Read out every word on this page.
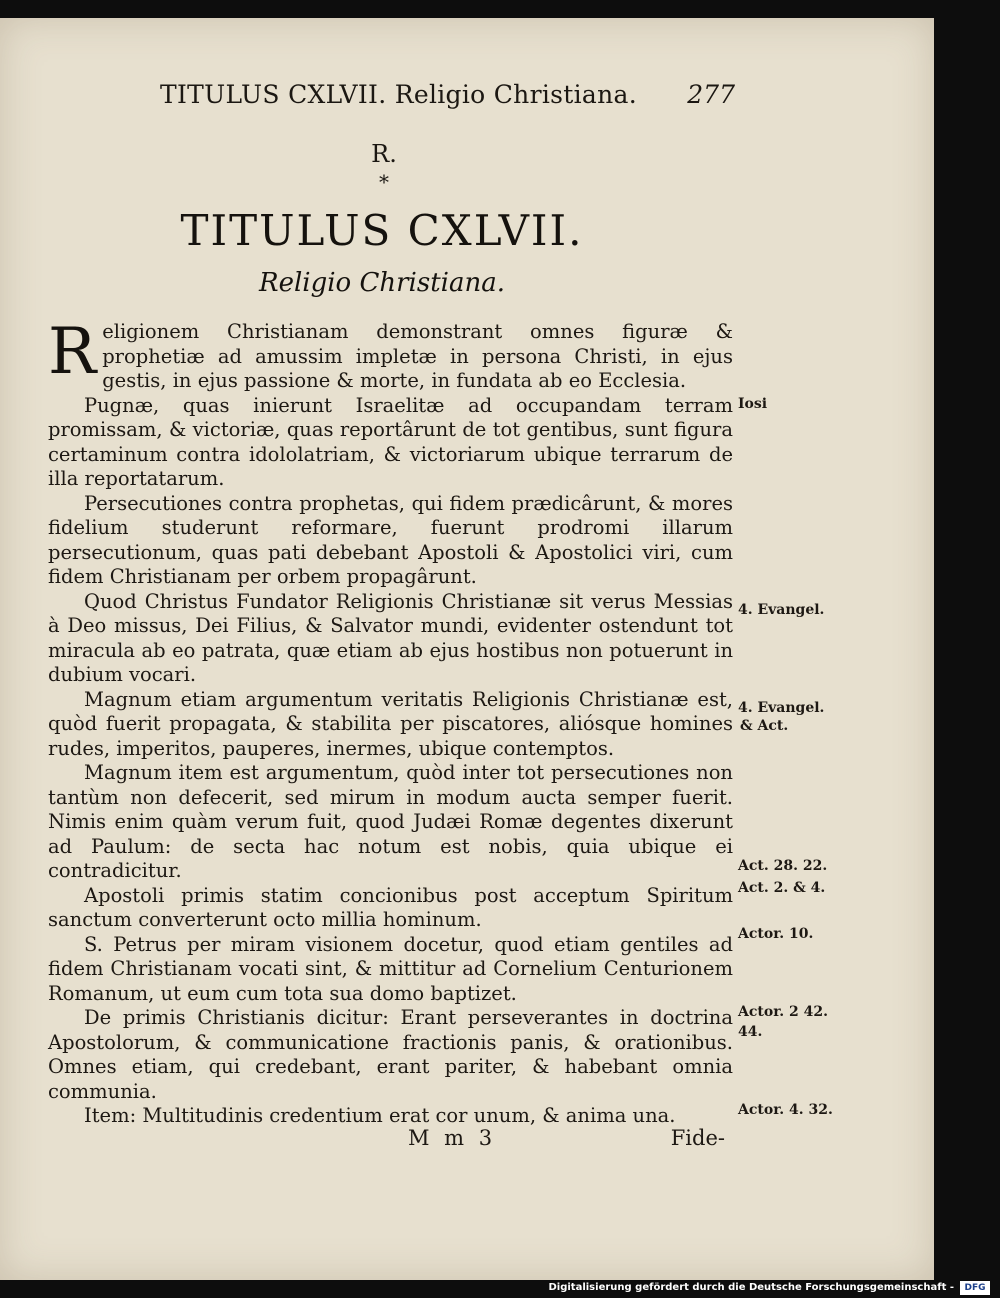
TITULUS CXLVII. Religio Christiana. 277
R.
*
TITULUS CXLVII.
Religio Christiana.

Religionem Christianam demonstrant omnes figuræ & prophetiæ ad amussim impletæ in persona Christi, in ejus gestis, in ejus passione & morte, in fundata ab eo Ecclesia.

Pugnæ, quas inierunt Israelitæ ad occupandam terram promissam, & victoriæ, quas reportârunt de tot gentibus, sunt figura certaminum contra idololatriam, & victoriarum ubique terrarum de illa reportatarum.

Persecutiones contra prophetas, qui fidem prædicârunt, & mores fidelium studerunt reformare, fuerunt prodromi illarum persecutionum, quas pati debebant Apostoli & Apostolici viri, cum fidem Christianam per orbem propagârunt.

Quod Christus Fundator Religionis Christianæ sit verus Messias à Deo missus, Dei Filius, & Salvator mundi, evidenter ostendunt tot miracula ab eo patrata, quæ etiam ab ejus hostibus non potuerunt in dubium vocari.

Magnum etiam argumentum veritatis Religionis Christianæ est, quòd fuerit propagata, & stabilita per piscatores, aliósque homines rudes, imperitos, pauperes, inermes, ubique contemptos.

Magnum item est argumentum, quòd inter tot persecutiones non tantùm non defecerit, sed mirum in modum aucta semper fuerit. Nimis enim quàm verum fuit, quod Judæi Romæ degentes dixerunt ad Paulum: de secta hac notum est nobis, quia ubique ei contradicitur.

Apostoli primis statim concionibus post acceptum Spiritum sanctum converterunt octo millia hominum.

S. Petrus per miram visionem docetur, quod etiam gentiles ad fidem Christianam vocati sint, & mittitur ad Cornelium Centurionem Romanum, ut eum cum tota sua domo baptizet.

De primis Christianis dicitur: Erant perseverantes in doctrina Apostolorum, & communicatione fractionis panis, & orationibus. Omnes etiam, qui credebant, erant pariter, & habebant omnia communia.

Item: Multitudinis credentium erat cor unum, & anima una.

Iosi
4. Evangel.
4. Evangel.
& Act.
Act. 28. 22.
Act. 2. & 4.
Actor. 10.
Actor. 2 42.
44.
Actor. 4. 32.
M m 3	Fide-
Digitalisierung gefördert durch die Deutsche Forschungsgemeinschaft -	DFG
